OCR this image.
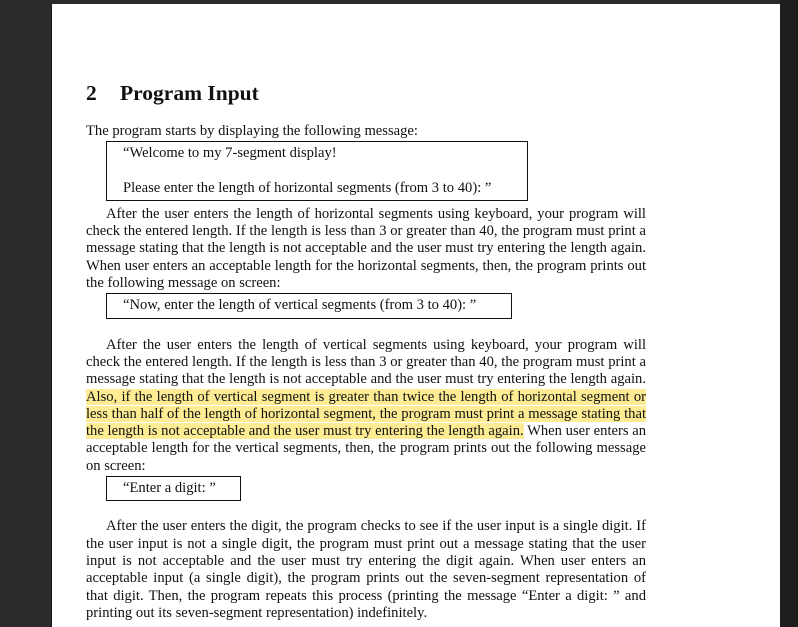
2 Program Input

The program starts by displaying the following message:

“Welcome to my 7-segment display!
Please enter the length of horizontal segments (from 3 to 40): ”

After the user enters the length of horizontal segments using keyboard, your program will check the entered length. If the length is less than 3 or greater than 40, the program must print a message stating that the length is not acceptable and the user must try entering the length again. When user enters an acceptable length for the horizontal segments, then, the program prints out the following message on screen:

“Now, enter the length of vertical segments (from 3 to 40): ”

After the user enters the length of vertical segments using keyboard, your program will check the entered length. If the length is less than 3 or greater than 40, the program must print a message stating that the length is not acceptable and the user must try entering the length again. Also, if the length of vertical segment is greater than twice the length of horizontal segment or less than half of the length of horizontal segment, the program must print a message stating that the length is not acceptable and the user must try entering the length again. When user enters an acceptable length for the vertical segments, then, the program prints out the following message on screen:

“Enter a digit: ”

After the user enters the digit, the program checks to see if the user input is a single digit. If the user input is not a single digit, the program must print out a message stating that the user input is not acceptable and the user must try entering the digit again. When user enters an acceptable input (a single digit), the program prints out the seven-segment representation of that digit. Then, the program repeats this process (printing the message “Enter a digit: ” and printing out its seven-segment representation) indefinitely.
